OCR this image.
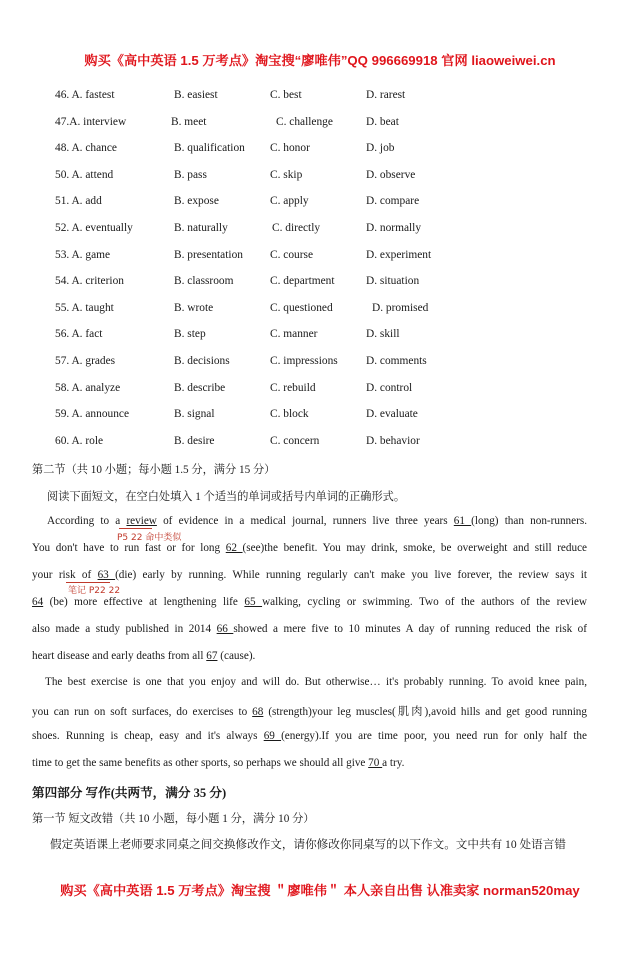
购买《高中英语 1.5 万考点》淘宝搜“廖唯伟”QQ 996669918 官网 liaoweiwei.cn
46. A. fastest	B. easiest	C. best	D. rarest
47.A. interview	B. meet	C. challenge	D. beat
48. A. chance	B. qualification C. honor	D. job
50. A. attend	B. pass	C. skip	D. observe
51. A. add	B. expose	C. apply	D. compare
52. A. eventually	B. naturally	C. directly	D. normally
53. A. game	B. presentation C. course	D. experiment
54. A. criterion	B. classroom	C. department	D. situation
55. A. taught	B. wrote	C. questioned	D. promised
56. A. fact	B. step	C. manner	D. skill
57. A. grades	B. decisions	C. impressions D. comments
58. A. analyze	B. describe	C. rebuild	D. control
59. A. announce	B. signal	C. block	D. evaluate
60. A. role	B. desire	C. concern	D. behavior
第二节（共 10 小题；每小题 1.5 分，满分 15 分）
阅读下面短文，在空白处填入 1 个适当的单词或括号内单词的正确形式。
According to a review of evidence in a medical journal, runners live three years 61 (long) than non-runners.
P5 22 命中类似
You don't have to run fast or for long 62 (see)the benefit. You may drink, smoke, be overweight and still reduce
your risk of 63 (die) early by running. While running regularly can't make you live forever, the review says it
笔记 P22 22
64 (be) more effective at lengthening life 65 walking, cycling or swimming. Two of the authors of the review
also made a study published in 2014 66 showed a mere five to 10 minutes A day of running reduced the risk of
heart disease and early deaths from all 67 (cause).
The best exercise is one that you enjoy and will do. But otherwise… it's probably running. To avoid knee pain,
you can run on soft surfaces, do exercises to 68 (strength)your leg muscles(肌肉),avoid hills and get good running
shoes. Running is cheap, easy and it's always 69 (energy).If you are time poor, you need run for only half the
time to get the same benefits as other sports, so perhaps we should all give 70 a try.
第四部分 写作(共两节，满分 35 分)
第一节 短文改错（共 10 小题，每小题 1 分，满分 10 分）
假定英语课上老师要求同桌之间交换修改作文，请你修改你同桌写的以下作文。文中共有 10 处语言错
购买《高中英语 1.5 万考点》淘宝搜 ＂廖唯伟＂ 本人亲自出售 认准卖家 norman520may
